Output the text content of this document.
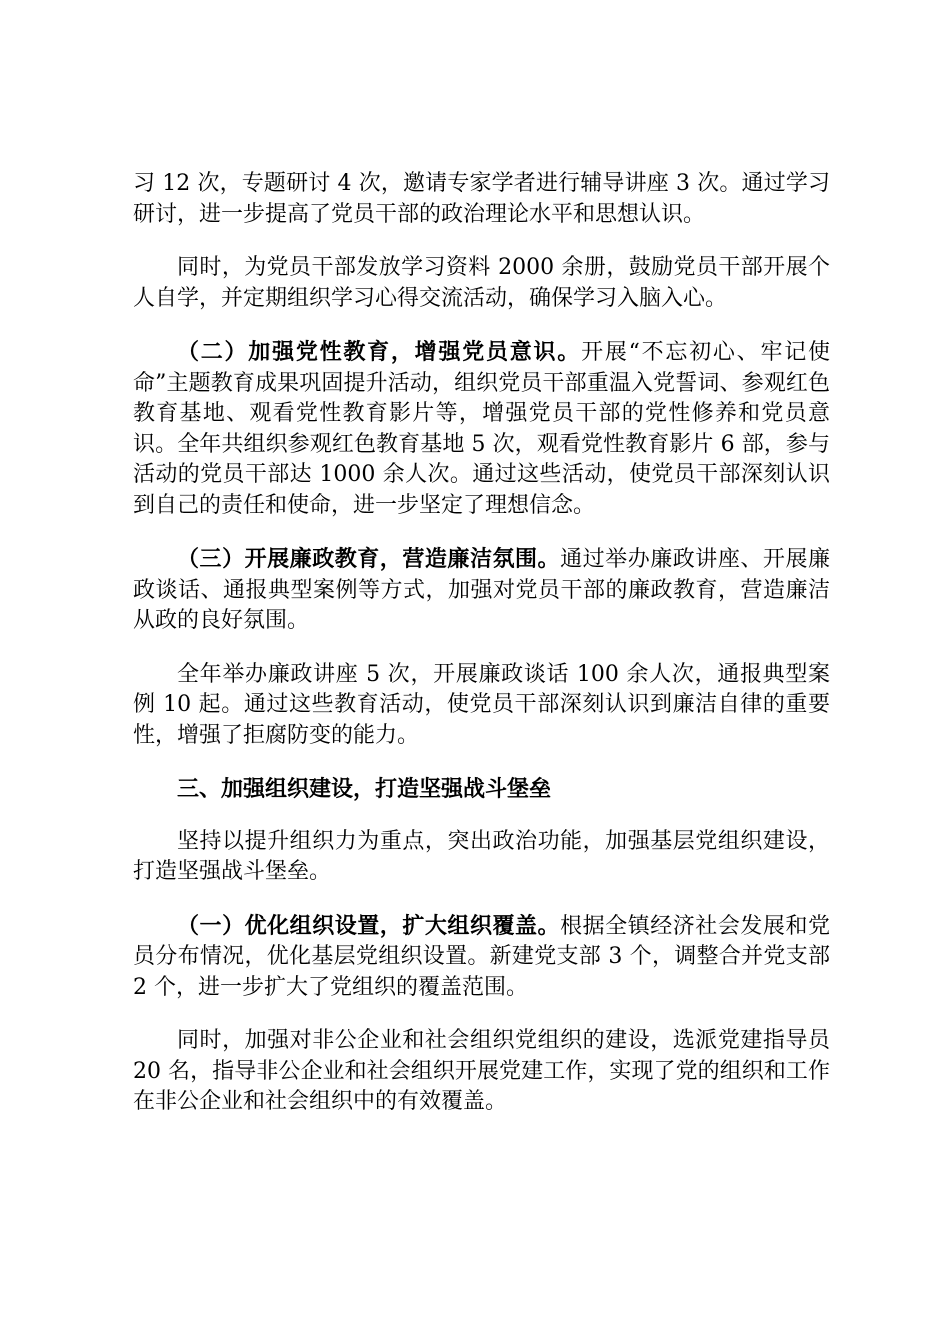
习 12 次，专题研讨 4 次，邀请专家学者进行辅导讲座 3 次。通过学习研讨，进一步提高了党员干部的政治理论水平和思想认识。

同时，为党员干部发放学习资料 2000 余册，鼓励党员干部开展个人自学，并定期组织学习心得交流活动，确保学习入脑入心。

（二）加强党性教育，增强党员意识。开展“不忘初心、牢记使命”主题教育成果巩固提升活动，组织党员干部重温入党誓词、参观红色教育基地、观看党性教育影片等，增强党员干部的党性修养和党员意识。全年共组织参观红色教育基地 5 次，观看党性教育影片 6 部，参与活动的党员干部达 1000 余人次。通过这些活动，使党员干部深刻认识到自己的责任和使命，进一步坚定了理想信念。

（三）开展廉政教育，营造廉洁氛围。通过举办廉政讲座、开展廉政谈话、通报典型案例等方式，加强对党员干部的廉政教育，营造廉洁从政的良好氛围。

全年举办廉政讲座 5 次，开展廉政谈话 100 余人次，通报典型案例 10 起。通过这些教育活动，使党员干部深刻认识到廉洁自律的重要性，增强了拒腐防变的能力。

三、加强组织建设，打造坚强战斗堡垒

坚持以提升组织力为重点，突出政治功能，加强基层党组织建设，打造坚强战斗堡垒。

（一）优化组织设置，扩大组织覆盖。根据全镇经济社会发展和党员分布情况，优化基层党组织设置。新建党支部 3 个，调整合并党支部 2 个，进一步扩大了党组织的覆盖范围。

同时，加强对非公企业和社会组织党组织的建设，选派党建指导员 20 名，指导非公企业和社会组织开展党建工作，实现了党的组织和工作在非公企业和社会组织中的有效覆盖。
